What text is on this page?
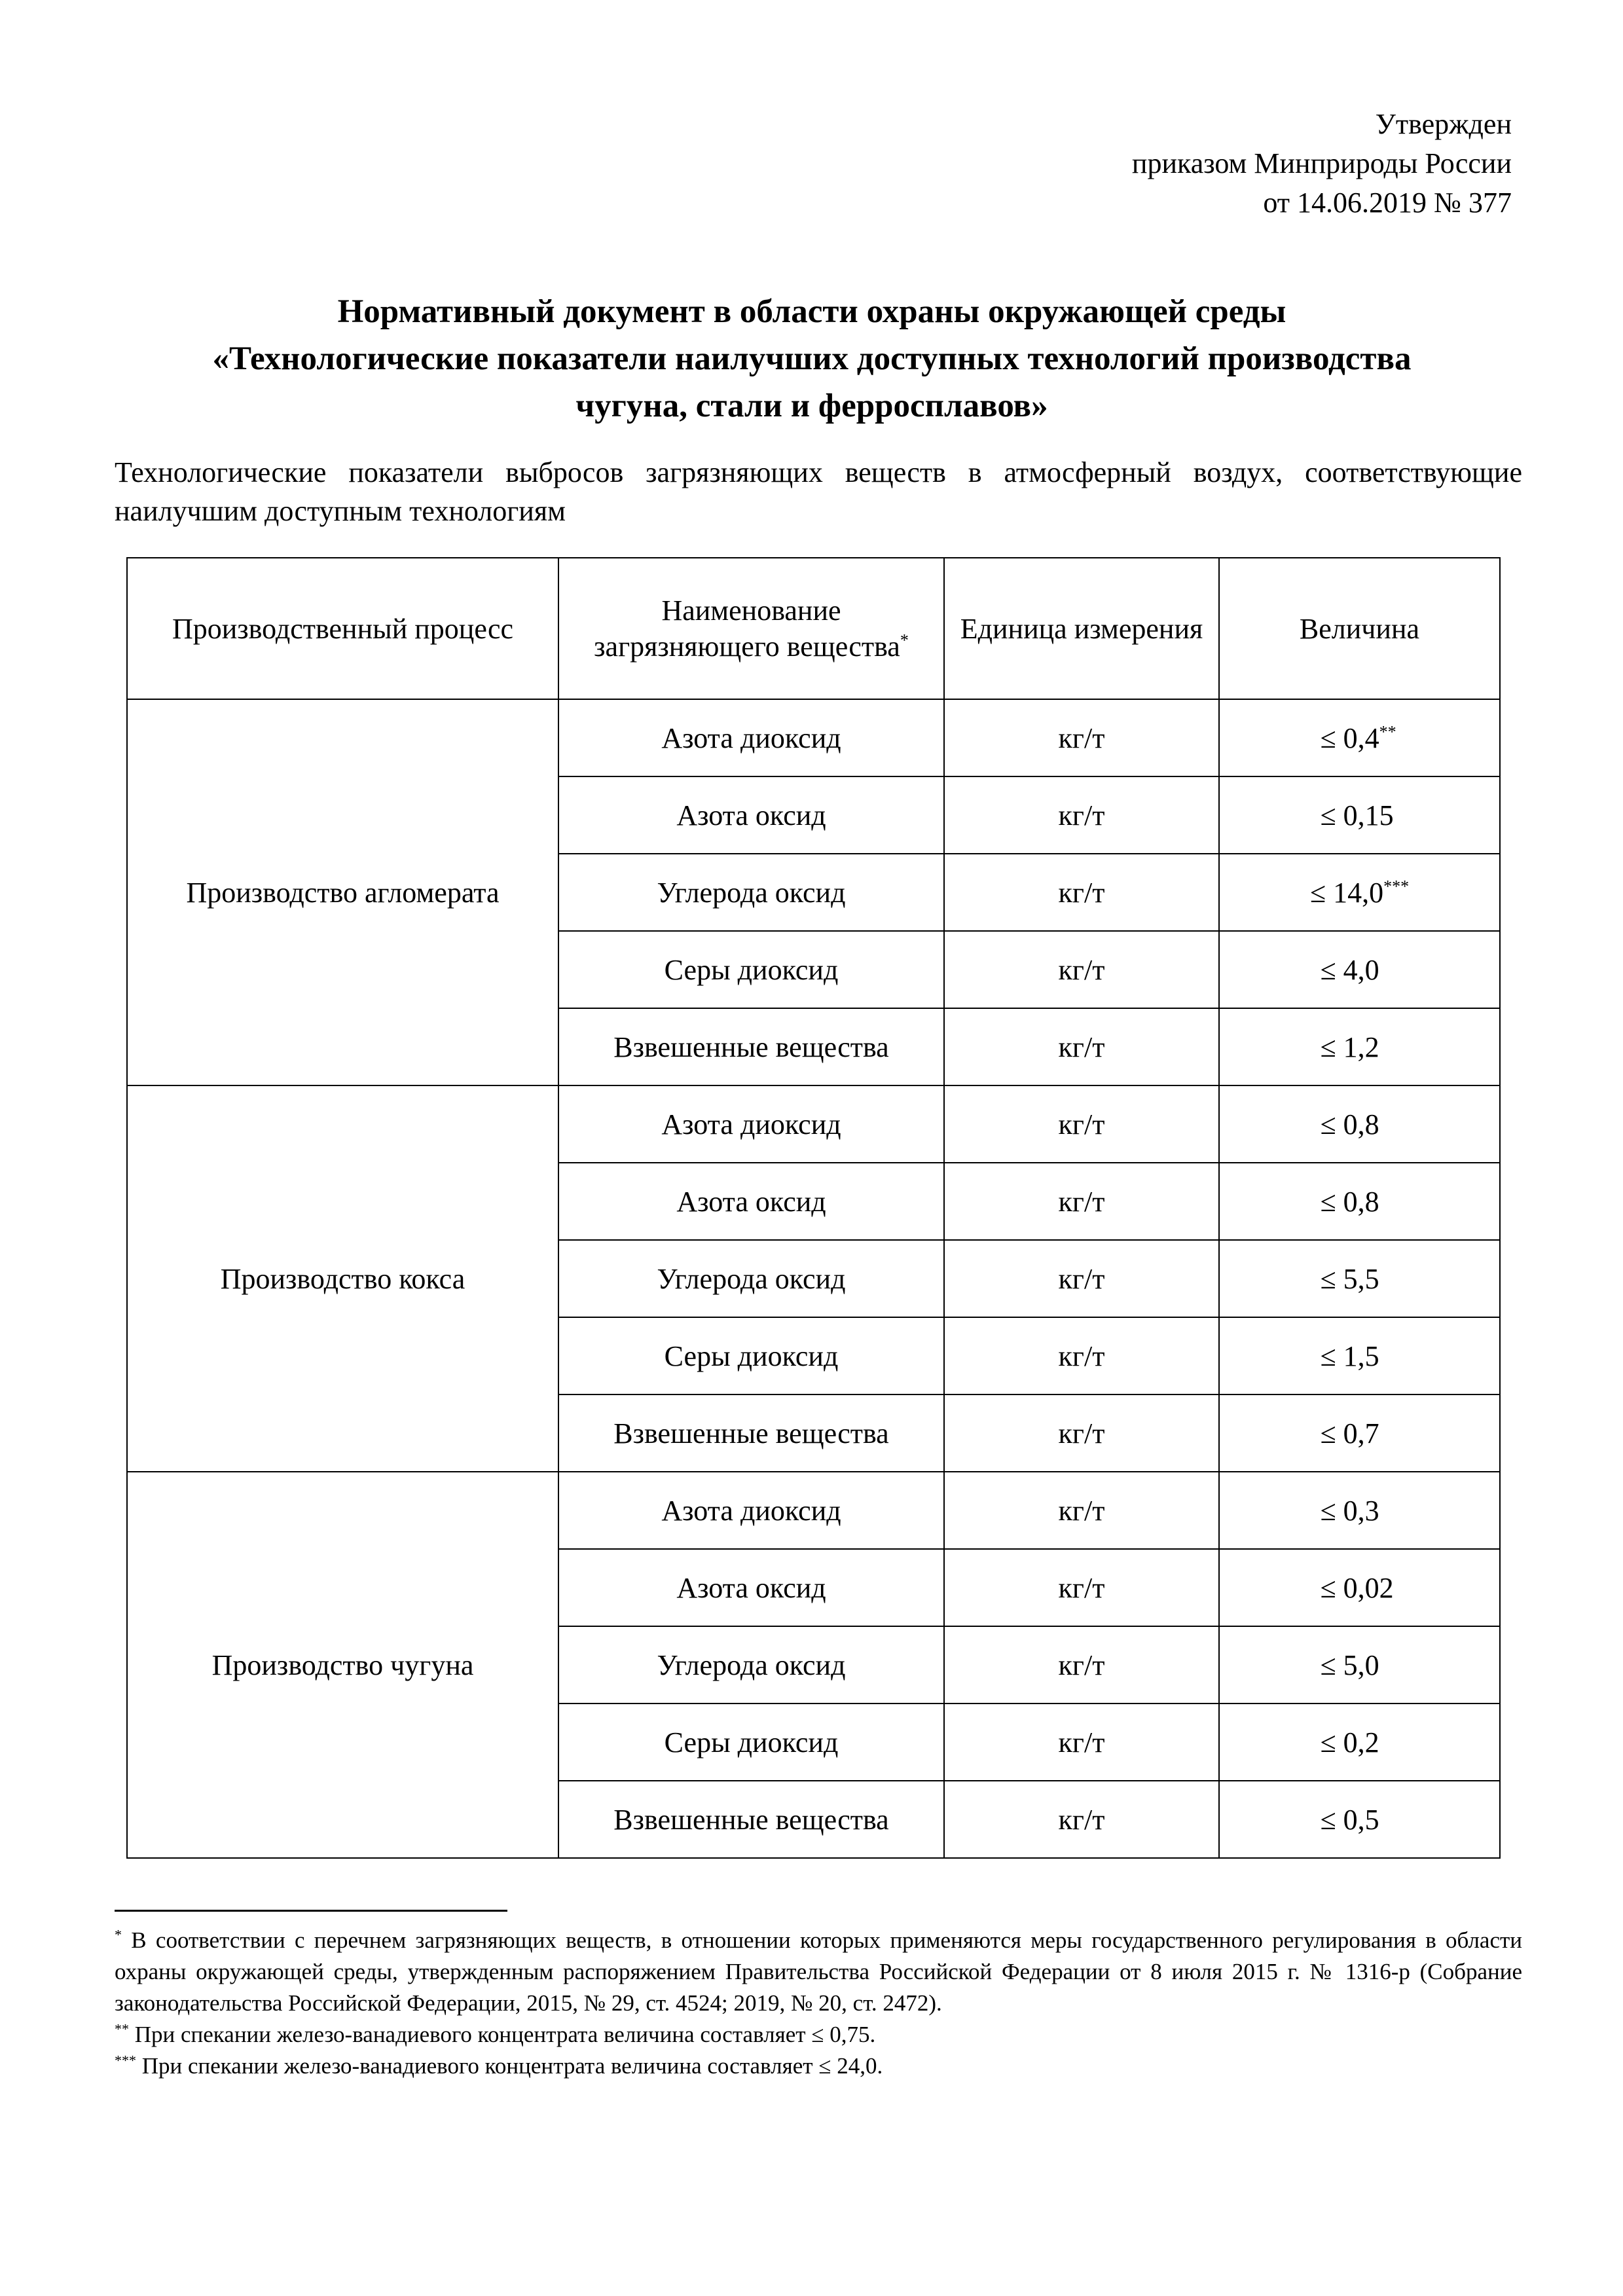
Утвержден
приказом Минприроды России
от 14.06.2019 № 377
Нормативный документ в области охраны окружающей среды
«Технологические показатели наилучших доступных технологий производства
чугуна, стали и ферросплавов»
Технологические показатели выбросов загрязняющих веществ в атмосферный воздух, соответствующие наилучшим доступным технологиям
Производственный процесс	Наименование загрязняющего вещества*	Единица измерения	Величина
Производство агломерата	Азота диоксид	кг/т	≤ 0,4**
	Азота оксид	кг/т	≤ 0,15
	Углерода оксид	кг/т	≤ 14,0***
	Серы диоксид	кг/т	≤ 4,0
	Взвешенные вещества	кг/т	≤ 1,2
Производство кокса	Азота диоксид	кг/т	≤ 0,8
	Азота оксид	кг/т	≤ 0,8
	Углерода оксид	кг/т	≤ 5,5
	Серы диоксид	кг/т	≤ 1,5
	Взвешенные вещества	кг/т	≤ 0,7
Производство чугуна	Азота диоксид	кг/т	≤ 0,3
	Азота оксид	кг/т	≤ 0,02
	Углерода оксид	кг/т	≤ 5,0
	Серы диоксид	кг/т	≤ 0,2
	Взвешенные вещества	кг/т	≤ 0,5
* В соответствии с перечнем загрязняющих веществ, в отношении которых применяются меры государственного регулирования в области охраны окружающей среды, утвержденным распоряжением Правительства Российской Федерации от 8 июля 2015 г. № 1316-р (Собрание законодательства Российской Федерации, 2015, № 29, ст. 4524; 2019, № 20, ст. 2472).
** При спекании железо-ванадиевого концентрата величина составляет ≤ 0,75.
*** При спекании железо-ванадиевого концентрата величина составляет ≤ 24,0.
